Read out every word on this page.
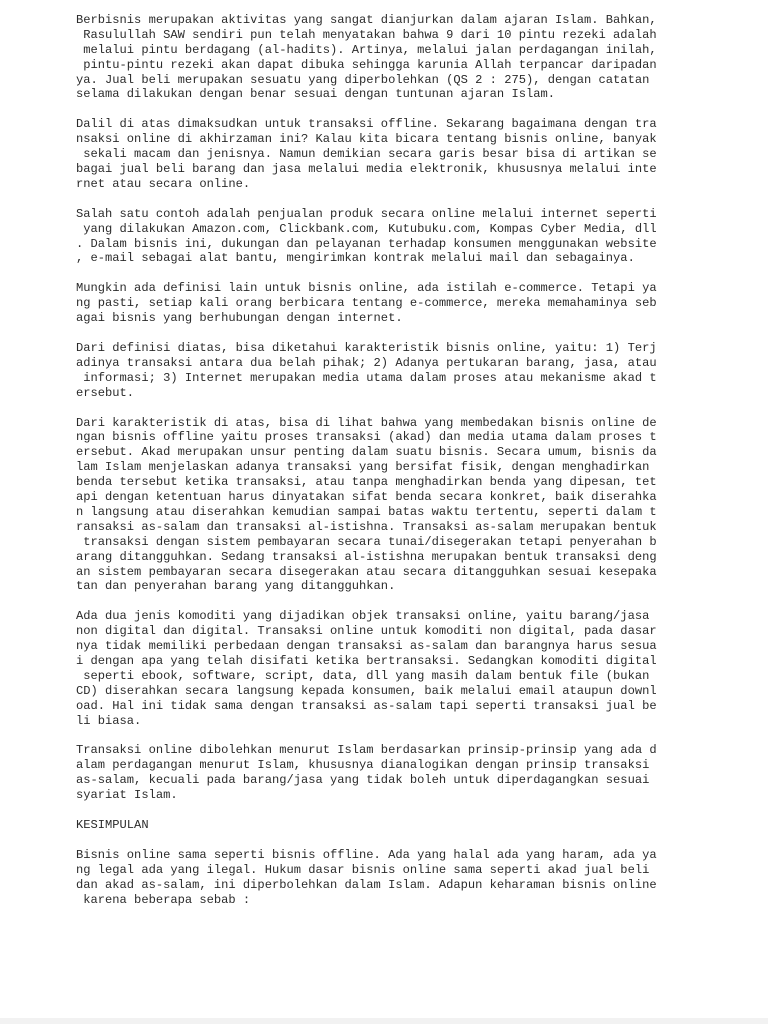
Berbisnis merupakan aktivitas yang sangat dianjurkan dalam ajaran Islam. Bahkan,
Rasulullah SAW sendiri pun telah menyatakan bahwa 9 dari 10 pintu rezeki adalah
melalui pintu berdagang (al-hadits). Artinya, melalui jalan perdagangan inilah,
pintu-pintu rezeki akan dapat dibuka sehingga karunia Allah terpancar daripadan
ya. Jual beli merupakan sesuatu yang diperbolehkan (QS 2 : 275), dengan catatan
selama dilakukan dengan benar sesuai dengan tuntunan ajaran Islam.
Dalil di atas dimaksudkan untuk transaksi offline. Sekarang bagaimana dengan tra
nsaksi online di akhirzaman ini? Kalau kita bicara tentang bisnis online, banyak
sekali macam dan jenisnya. Namun demikian secara garis besar bisa di artikan se
bagai jual beli barang dan jasa melalui media elektronik, khususnya melalui inte
rnet atau secara online.
Salah satu contoh adalah penjualan produk secara online melalui internet seperti
yang dilakukan Amazon.com, Clickbank.com, Kutubuku.com, Kompas Cyber Media, dll
. Dalam bisnis ini, dukungan dan pelayanan terhadap konsumen menggunakan website
, e-mail sebagai alat bantu, mengirimkan kontrak melalui mail dan sebagainya.
Mungkin ada definisi lain untuk bisnis online, ada istilah e-commerce. Tetapi ya
ng pasti, setiap kali orang berbicara tentang e-commerce, mereka memahaminya seb
agai bisnis yang berhubungan dengan internet.
Dari definisi diatas, bisa diketahui karakteristik bisnis online, yaitu: 1) Terj
adinya transaksi antara dua belah pihak; 2) Adanya pertukaran barang, jasa, atau
informasi; 3) Internet merupakan media utama dalam proses atau mekanisme akad t
ersebut.
Dari karakteristik di atas, bisa di lihat bahwa yang membedakan bisnis online de
ngan bisnis offline yaitu proses transaksi (akad) dan media utama dalam proses t
ersebut. Akad merupakan unsur penting dalam suatu bisnis. Secara umum, bisnis da
lam Islam menjelaskan adanya transaksi yang bersifat fisik, dengan menghadirkan
benda tersebut ketika transaksi, atau tanpa menghadirkan benda yang dipesan, tet
api dengan ketentuan harus dinyatakan sifat benda secara konkret, baik diserahka
n langsung atau diserahkan kemudian sampai batas waktu tertentu, seperti dalam t
ransaksi as-salam dan transaksi al-istishna. Transaksi as-salam merupakan bentuk
transaksi dengan sistem pembayaran secara tunai/disegerakan tetapi penyerahan b
arang ditangguhkan. Sedang transaksi al-istishna merupakan bentuk transaksi deng
an sistem pembayaran secara disegerakan atau secara ditangguhkan sesuai kesepaka
tan dan penyerahan barang yang ditangguhkan.
Ada dua jenis komoditi yang dijadikan objek transaksi online, yaitu barang/jasa
non digital dan digital. Transaksi online untuk komoditi non digital, pada dasar
nya tidak memiliki perbedaan dengan transaksi as-salam dan barangnya harus sesua
i dengan apa yang telah disifati ketika bertransaksi. Sedangkan komoditi digital
seperti ebook, software, script, data, dll yang masih dalam bentuk file (bukan
CD) diserahkan secara langsung kepada konsumen, baik melalui email ataupun downl
oad. Hal ini tidak sama dengan transaksi as-salam tapi seperti transaksi jual be
li biasa.
Transaksi online dibolehkan menurut Islam berdasarkan prinsip-prinsip yang ada d
alam perdagangan menurut Islam, khususnya dianalogikan dengan prinsip transaksi
as-salam, kecuali pada barang/jasa yang tidak boleh untuk diperdagangkan sesuai
syariat Islam.
KESIMPULAN
Bisnis online sama seperti bisnis offline. Ada yang halal ada yang haram, ada ya
ng legal ada yang ilegal. Hukum dasar bisnis online sama seperti akad jual beli
dan akad as-salam, ini diperbolehkan dalam Islam. Adapun keharaman bisnis online
karena beberapa sebab :
